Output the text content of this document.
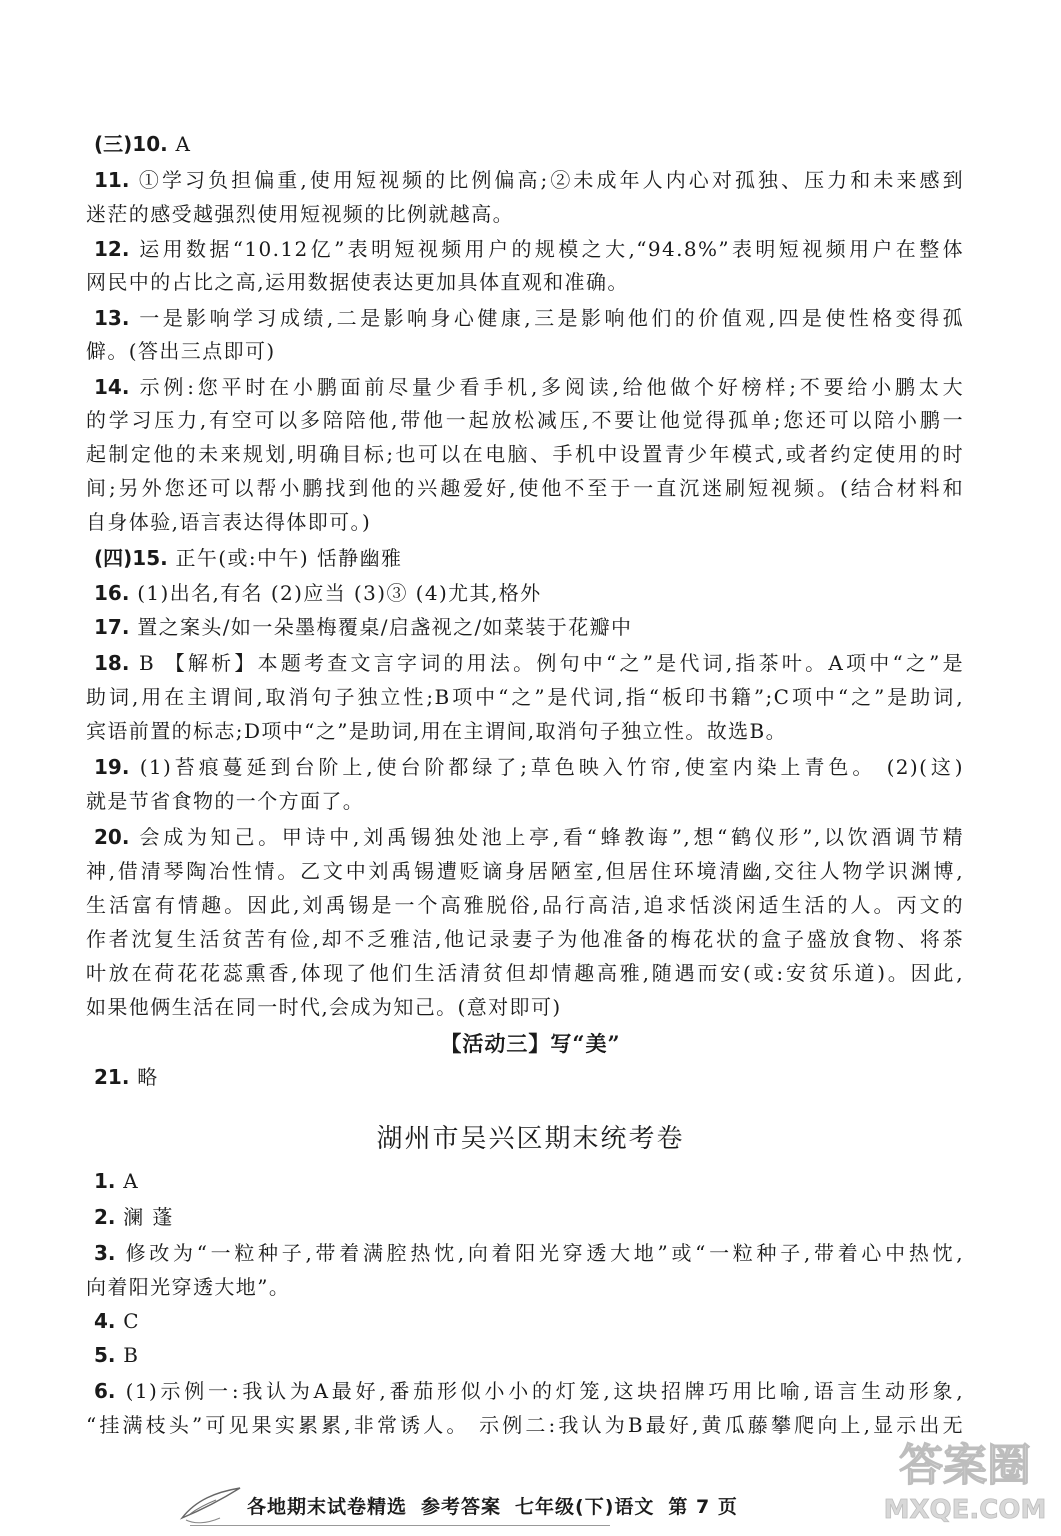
(三)10. A
11. ①学习负担偏重,使用短视频的比例偏高;②未成年人内心对孤独、压力和未来感到
迷茫的感受越强烈使用短视频的比例就越高。
12. 运用数据“10.12亿”表明短视频用户的规模之大,“94.8%”表明短视频用户在整体
网民中的占比之高,运用数据使表达更加具体直观和准确。
13. 一是影响学习成绩,二是影响身心健康,三是影响他们的价值观,四是使性格变得孤
僻。(答出三点即可)
14. 示例:您平时在小鹏面前尽量少看手机,多阅读,给他做个好榜样;不要给小鹏太大
的学习压力,有空可以多陪陪他,带他一起放松减压,不要让他觉得孤单;您还可以陪小鹏一
起制定他的未来规划,明确目标;也可以在电脑、手机中设置青少年模式,或者约定使用的时
间;另外您还可以帮小鹏找到他的兴趣爱好,使他不至于一直沉迷刷短视频。(结合材料和
自身体验,语言表达得体即可。)
(四)15. 正午(或:中午) 恬静幽雅
16. (1)出名,有名 (2)应当 (3)③ (4)尤其,格外
17. 置之案头/如一朵墨梅覆桌/启盏视之/如菜装于花瓣中
18. B 【解析】本题考查文言字词的用法。例句中“之”是代词,指茶叶。A项中“之”是
助词,用在主谓间,取消句子独立性;B项中“之”是代词,指“板印书籍”;C项中“之”是助词,
宾语前置的标志;D项中“之”是助词,用在主谓间,取消句子独立性。故选B。
19. (1)苔痕蔓延到台阶上,使台阶都绿了;草色映入竹帘,使室内染上青色。 (2)(这)
就是节省食物的一个方面了。
20. 会成为知己。甲诗中,刘禹锡独处池上亭,看“蜂教诲”,想“鹤仪形”,以饮酒调节精
神,借清琴陶冶性情。乙文中刘禹锡遭贬谪身居陋室,但居住环境清幽,交往人物学识渊博,
生活富有情趣。因此,刘禹锡是一个高雅脱俗,品行高洁,追求恬淡闲适生活的人。丙文的
作者沈复生活贫苦有俭,却不乏雅洁,他记录妻子为他准备的梅花状的盒子盛放食物、将茶
叶放在荷花花蕊熏香,体现了他们生活清贫但却情趣高雅,随遇而安(或:安贫乐道)。因此,
如果他俩生活在同一时代,会成为知己。(意对即可)
【活动三】写“美”
21. 略
湖州市吴兴区期末统考卷
1. A
2. 澜 蓬
3. 修改为“一粒种子,带着满腔热忱,向着阳光穿透大地”或“一粒种子,带着心中热忱,
向着阳光穿透大地”。
4. C
5. B
6. (1)示例一:我认为A最好,番茄形似小小的灯笼,这块招牌巧用比喻,语言生动形象,
“挂满枝头”可见果实累累,非常诱人。 示例二:我认为B最好,黄瓜藤攀爬向上,显示出无
各地期末试卷精选 参考答案 七年级(下)语文 第 7 页
答案圈
MXQE.COM
